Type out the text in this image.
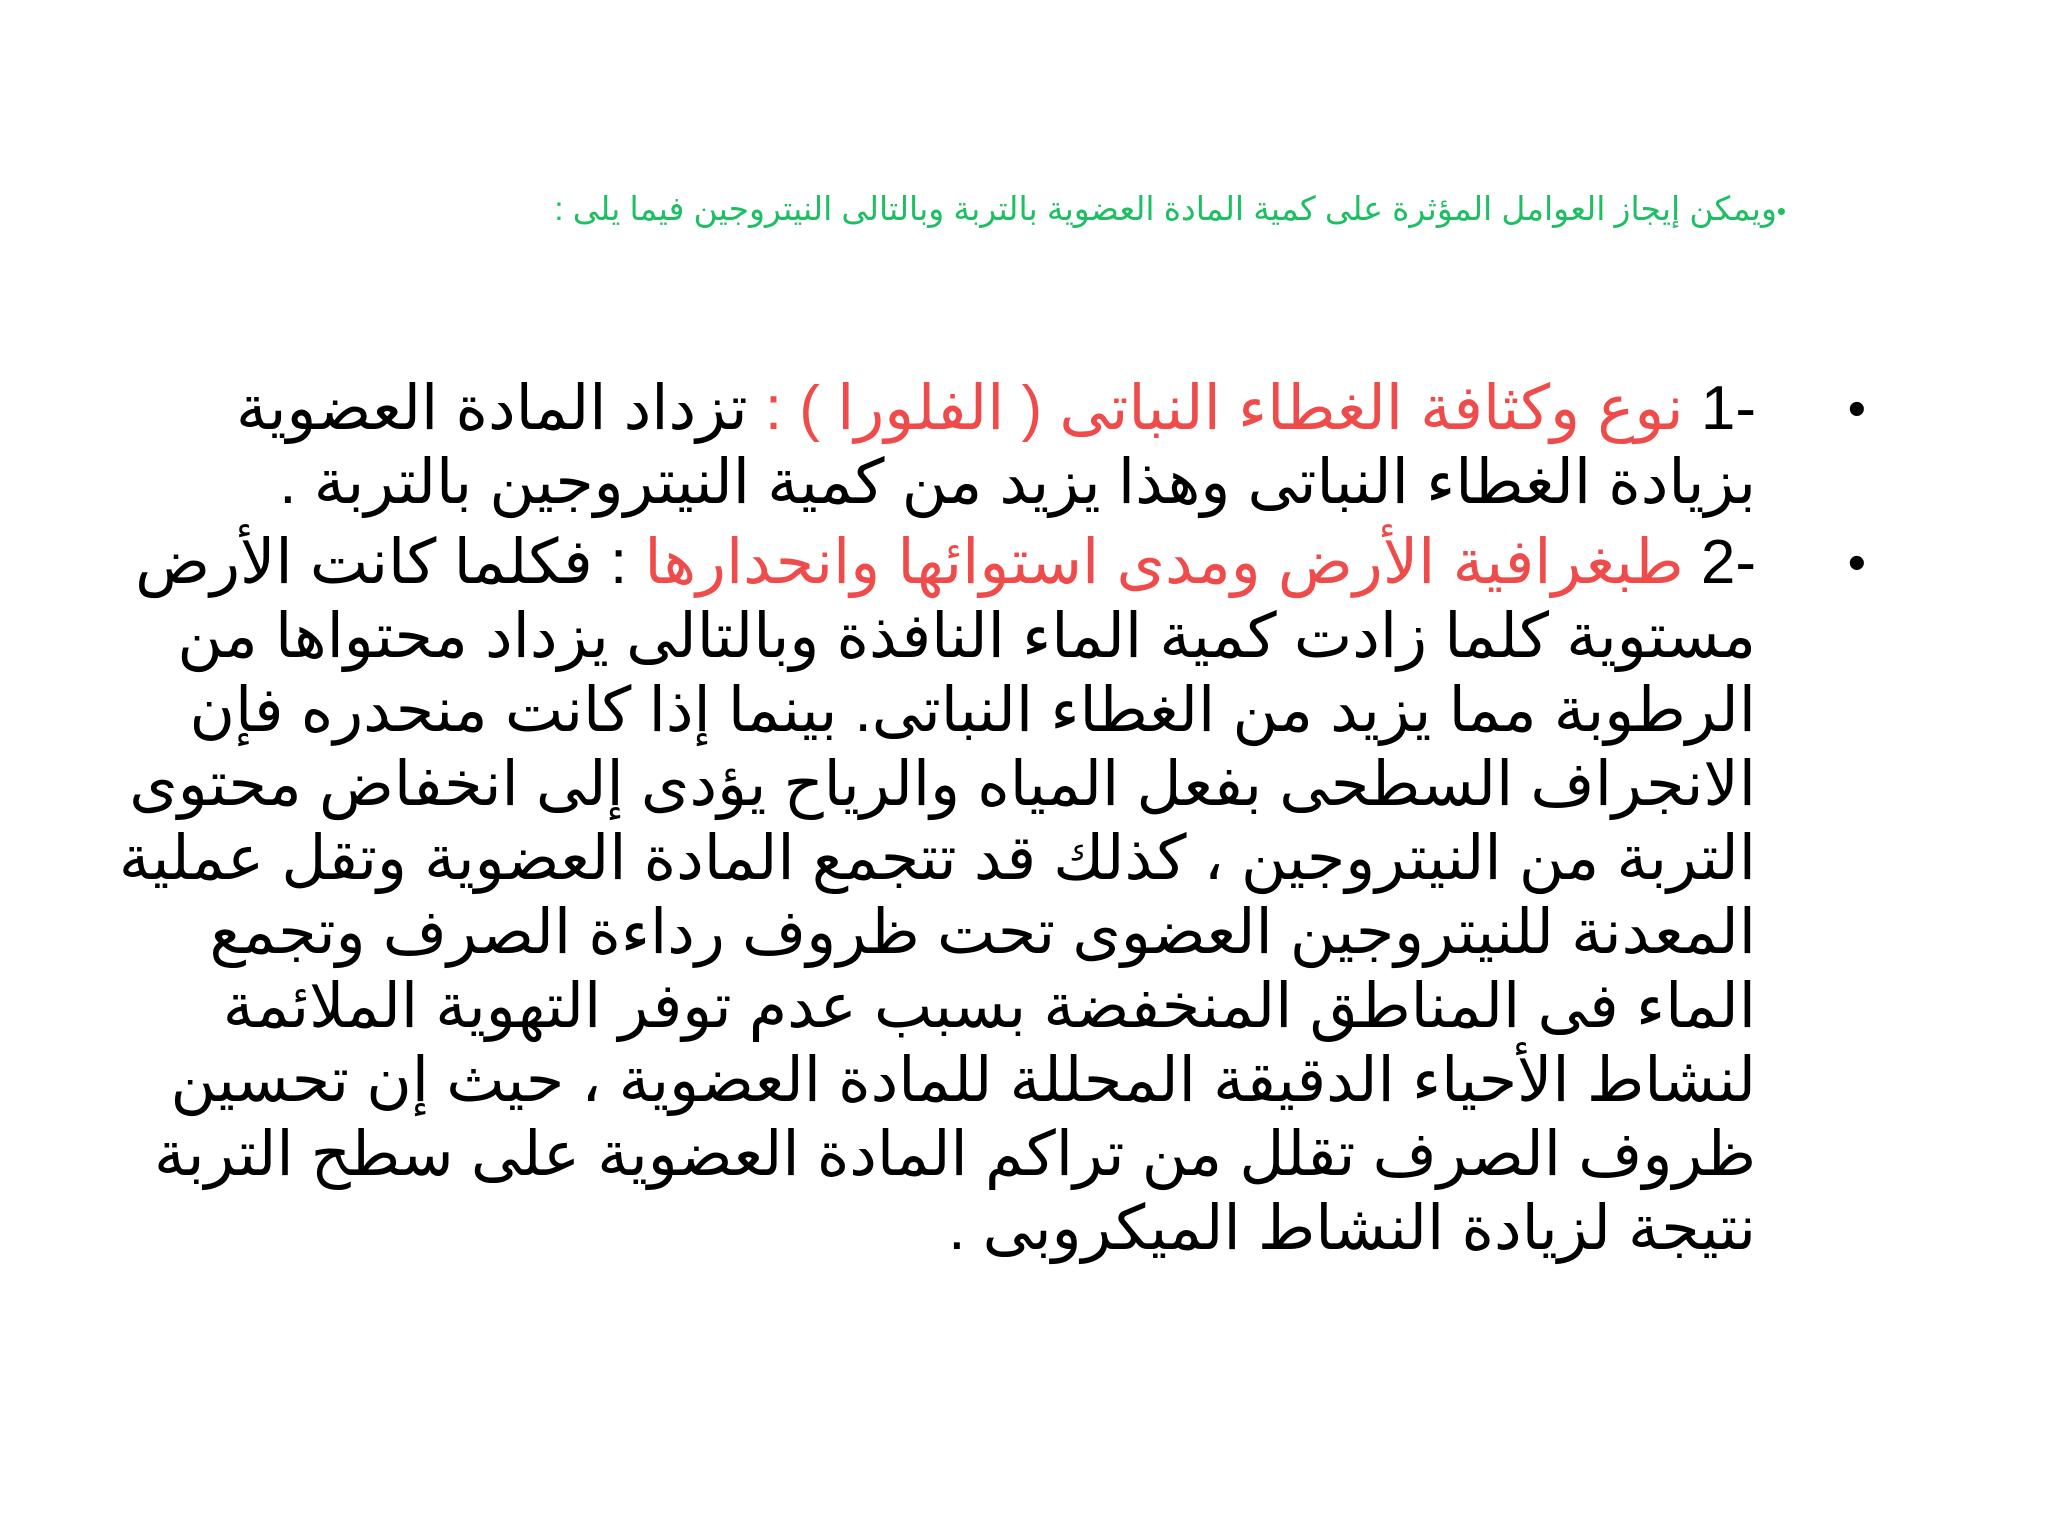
•ويمكن إيجاز العوامل المؤثرة على كمية المادة العضوية بالتربة وبالتالى النيتروجين فيما يلى :
•
1- نوع وكثافة الغطاء النباتى ( الفلورا ) : تزداد المادة العضوية بزيادة الغطاء النباتى وهذا يزيد من كمية النيتروجين بالتربة .
•
2- طبغرافية الأرض ومدى استوائها وانحدارها : فكلما كانت الأرض مستوية كلما زادت كمية الماء النافذة وبالتالى يزداد محتواها من الرطوبة مما يزيد من الغطاء النباتى. بينما إذا كانت منحدره فإن الانجراف السطحى بفعل المياه والرياح يؤدى إلى انخفاض محتوى التربة من النيتروجين ، كذلك قد تتجمع المادة العضوية وتقل عملية المعدنة للنيتروجين العضوى تحت ظروف رداءة الصرف وتجمع الماء فى المناطق المنخفضة بسبب عدم توفر التهوية الملائمة لنشاط الأحياء الدقيقة المحللة للمادة العضوية ، حيث إن تحسين ظروف الصرف تقلل من تراكم المادة العضوية على سطح التربة نتيجة لزيادة النشاط الميكروبى .
